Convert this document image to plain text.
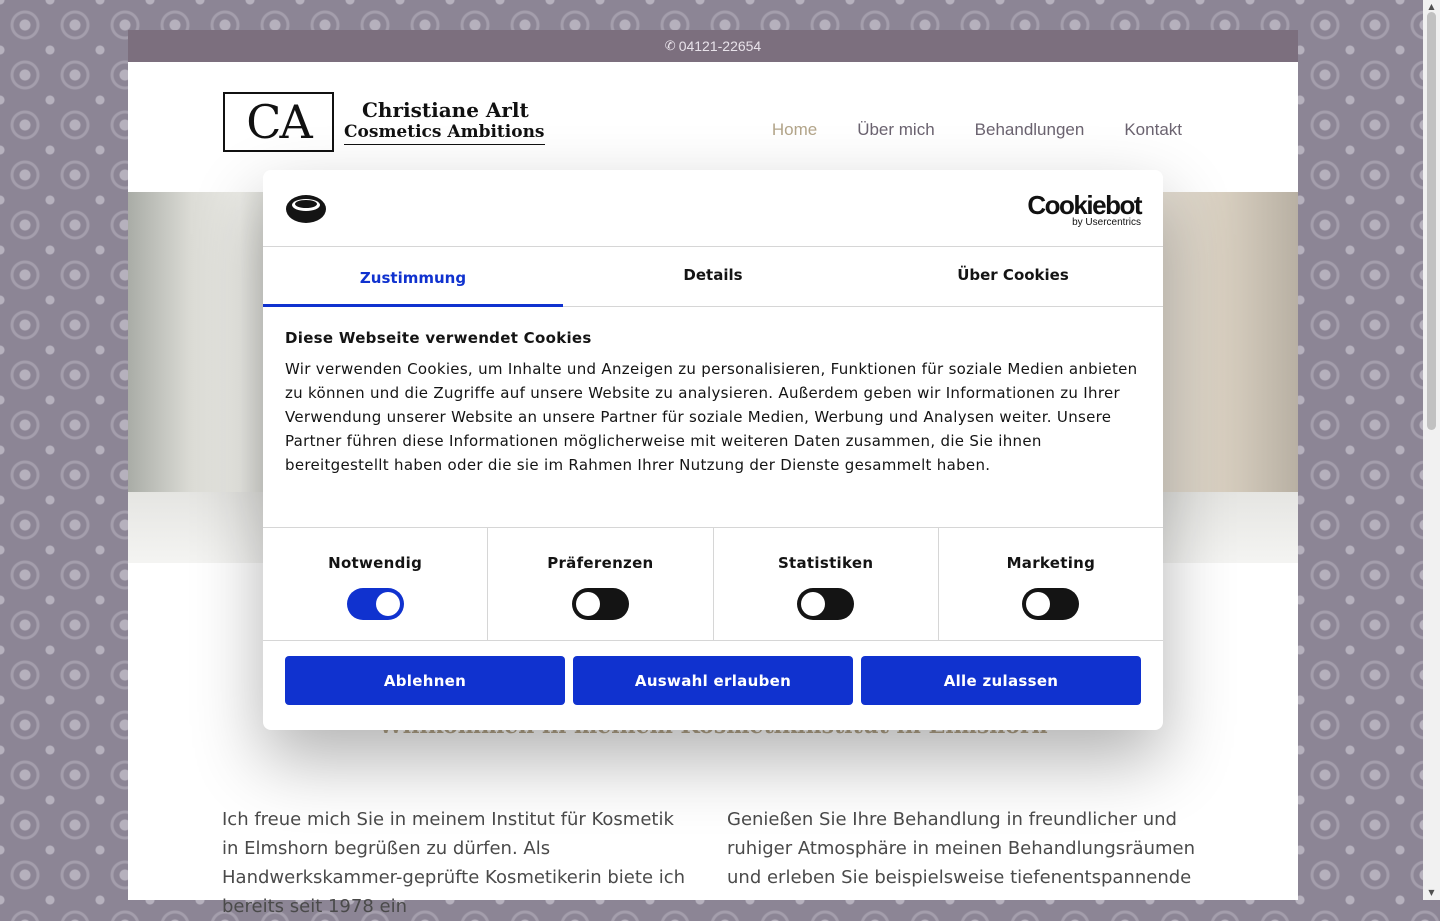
✆ 04121-22654
CA	Christiane Arlt
Cosmetics Ambitions	Home Über mich Behandlungen Kontakt

Ich freue mich Sie in meinem Institut für Kosmetik in Elmshorn begrüßen zu dürfen. Als Handwerkskammer-geprüfte Kosmetikerin biete ich bereits seit 1978 ein

Genießen Sie Ihre Behandlung in freundlicher und ruhiger Atmosphäre in meinen Behandlungsräumen und erleben Sie beispielsweise tiefenentspannende

▲
▼
Cookiebot
by Usercentrics
Zustimmung	Details	Über Cookies
Diese Webseite verwendet Cookies

Wir verwenden Cookies, um Inhalte und Anzeigen zu personalisieren, Funktionen für soziale Medien anbieten zu können und die Zugriffe auf unsere Website zu analysieren. Außerdem geben wir Informationen zu Ihrer Verwendung unserer Website an unsere Partner für soziale Medien, Werbung und Analysen weiter. Unsere Partner führen diese Informationen möglicherweise mit weiteren Daten zusammen, die Sie ihnen bereitgestellt haben oder die sie im Rahmen Ihrer Nutzung der Dienste gesammelt haben.

Notwendig	Präferenzen	Statistiken	Marketing
Ablehnen	Auswahl erlauben	Alle zulassen
